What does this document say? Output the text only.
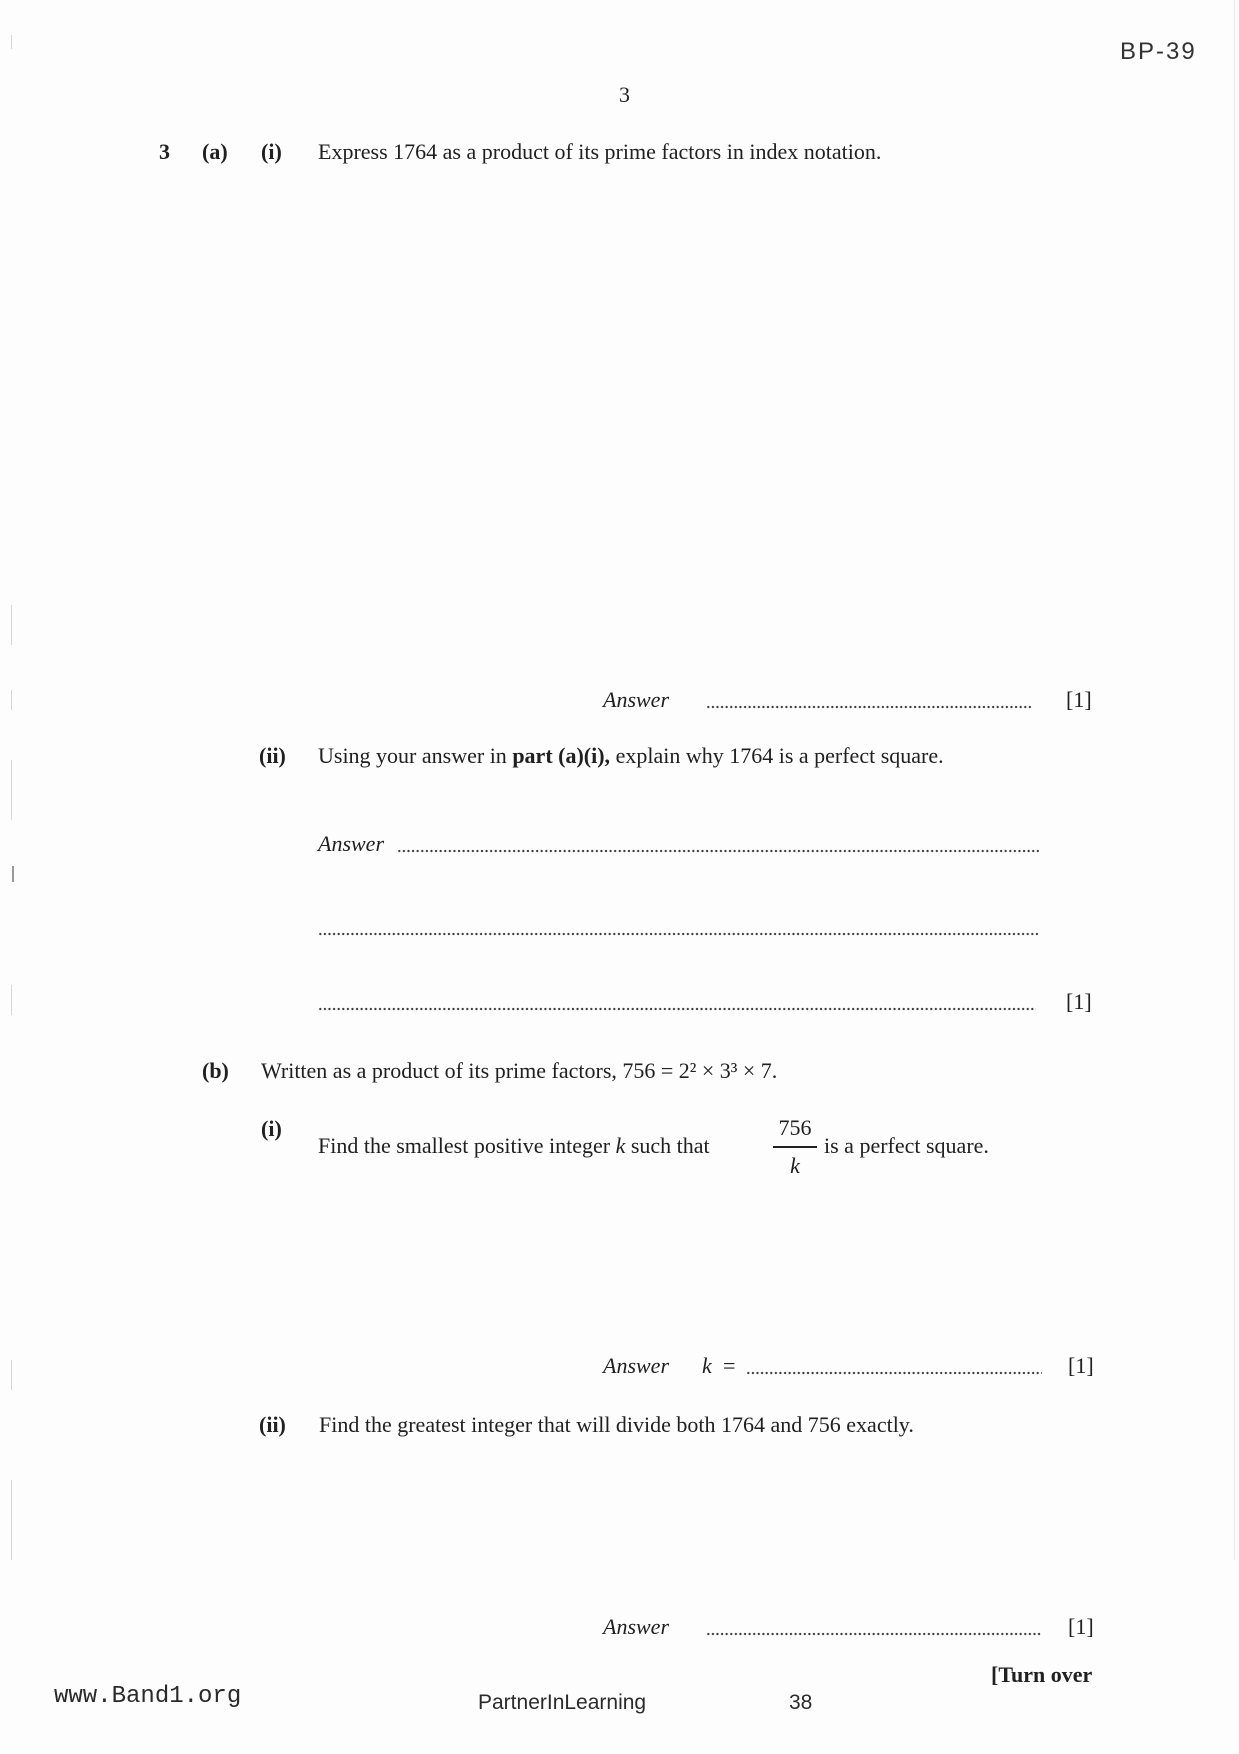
BP-39
3
3 (a) (i) Express 1764 as a product of its prime factors in index notation.
Answer	[1]
(ii) Using your answer in part (a)(i), explain why 1764 is a perfect square.
Answer
[1]
(b) Written as a product of its prime factors, 756 = 2² × 3³ × 7.
(i)
Find the smallest positive integer k such that
756
k
is a perfect square.
Answer k =	[1]
(ii) Find the greatest integer that will divide both 1764 and 756 exactly.
Answer	[1]
[Turn over
www.Band1.org	PartnerInLearning	38
